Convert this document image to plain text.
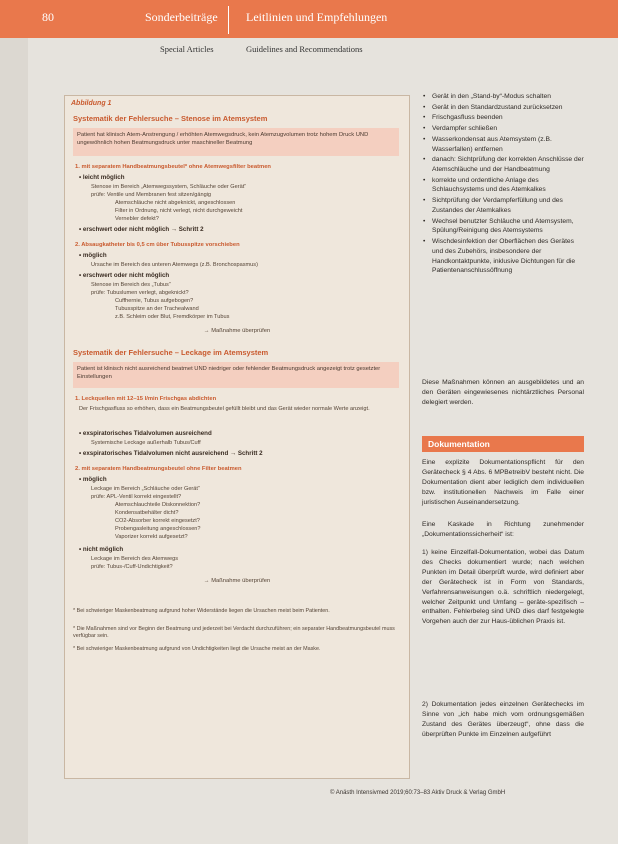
80	Sonderbeiträge Leitlinien und Empfehlungen
Special Articles	Guidelines and Recommendations
Abbildung 1
Systematik der Fehlersuche – Stenose im Atemsystem
Patient hat klinisch Atem-Anstrengung / erhöhten Atemwegsdruck, kein Atemzugvolumen trotz hohem Druck UND ungewöhnlich hohen Beatmungsdruck unter maschineller Beatmung
1. mit separatem Handbeatmungsbeutel* ohne Atemwegsfilter beatmen
• leicht möglich
Stenose im Bereich „Atemwegssystem, Schläuche oder Gerät“
prüfe: Ventile und Membranen fest sitzen/gängig
Atemschläuche nicht abgeknickt, angeschlossen
Filter in Ordnung, nicht verlegt, nicht durchgeweicht
Vernebler defekt?
• erschwert oder nicht möglich → Schritt 2
2. Absaugkatheter bis 0,5 cm über Tubusspitze vorschieben
• möglich
Ursache im Bereich des unteren Atemwegs (z.B. Bronchospasmus)
• erschwert oder nicht möglich
Stenose im Bereich des „Tubus“
prüfe: Tubuslumen verlegt, abgeknickt?
Cuffhernie, Tubus aufgebogen?
Tubusspitze an der Trachealwand
z.B. Schleim oder Blut, Fremdkörper im Tubus
→ Maßnahme überprüfen
Systematik der Fehlersuche – Leckage im Atemsystem
Patient ist klinisch nicht ausreichend beatmet UND niedriger oder fehlender Beatmungsdruck angezeigt trotz gesetzter Einstellungen
1. Leckquellen mit 12–15 l/min Frischgas abdichten
Der Frischgasfluss so erhöhen, dass ein Beatmungsbeutel gefüllt bleibt und das Gerät wieder normale Werte anzeigt.
• exspiratorisches Tidalvolumen ausreichend
Systemische Leckage außerhalb Tubus/Cuff
• exspiratorisches Tidalvolumen nicht ausreichend → Schritt 2
2. mit separatem Handbeatmungsbeutel ohne Filter beatmen
• möglich
Leckage im Bereich „Schläuche oder Gerät“
prüfe: APL-Ventil korrekt eingestellt?
Atemschlauchteile Diskonnektion?
Kondensatbehälter dicht?
CO2-Absorber korrekt eingesetzt?
Probengasleitung angeschlossen?
Vaporizer korrekt aufgesetzt?
• nicht möglich
Leckage im Bereich des Atemwegs
prüfe: Tubus-/Cuff-Undichtigkeit?
→ Maßnahme überprüfen
* Bei schwieriger Maskenbeatmung aufgrund hoher Widerstände liegen die Ursachen meist beim Patienten.
* Die Maßnahmen sind vor Beginn der Beatmung und jederzeit bei Verdacht durchzuführen; ein separater Handbeatmungsbeutel muss verfügbar sein.
* Bei schwieriger Maskenbeatmung aufgrund von Undichtigkeiten liegt die Ursache meist an der Maske.
• Gerät in den „Stand-by“-Modus schalten
• Gerät in den Standardzustand zurücksetzen
• Frischgasfluss beenden
• Verdampfer schließen
• Wasserkondensat aus Atemsystem (z.B. Wasserfallen) entfernen
• danach: Sichtprüfung der korrekten Anschlüsse der Atemschläuche und der Handbeatmung
• korrekte und ordentliche Anlage des Schlauchsystems und des Atemkalkes
• Sichtprüfung der Verdampferfüllung und des Zustandes der Atemkalkes
• Wechsel benutzter Schläuche und Atemsystem, Spülung/Reinigung des Atemsystems
• Wischdesinfektion der Oberflächen des Gerätes und des Zubehörs, insbesondere der Handkontaktpunkte, inklusive Dichtungen für die Patientenanschlussöffnung
Diese Maßnahmen können an ausgebildetes und an den Geräten eingewiesenes nichtärztliches Personal delegiert werden.
Dokumentation
Eine explizite Dokumentationspflicht für den Gerätecheck § 4 Abs. 6 MPBetreibV besteht nicht. Die Dokumentation dient aber lediglich dem individuellen bzw. institutionellen Nachweis im Falle einer juristischen Auseinandersetzung.
Eine Kaskade in Richtung zunehmender „Dokumentationssicherheit“ ist:
1) keine Einzelfall-Dokumentation, wobei das Datum des Checks dokumentiert wurde; nach welchen Punkten im Detail überprüft wurde, wird definiert aber der Gerätecheck ist in Form von Standards, Verfahrensanweisungen o.ä. schriftlich niedergelegt, welcher Zeitpunkt und Umfang – geräte-spezifisch – enthalten. Fehlerbeleg sind UND dies darf festgelegte Vorgehen auch der zur Haus-üblichen Praxis ist.
2) Dokumentation jedes einzelnen Gerätechecks im Sinne von „ich habe mich vom ordnungsgemäßen Zustand des Gerätes überzeugt“, ohne dass die überprüften Punkte im Einzelnen aufgeführt
© Anästh Intensivmed 2019;60:73–83 Aktiv Druck & Verlag GmbH
